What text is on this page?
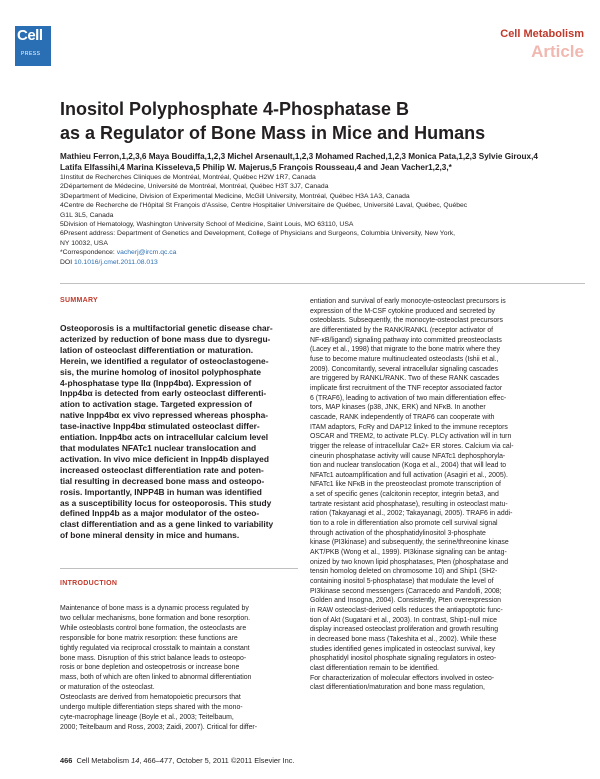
Cell
PRESS
Cell Metabolism
Article
Inositol Polyphosphate 4-Phosphatase B
as a Regulator of Bone Mass in Mice and Humans
Mathieu Ferron,1,2,3,6 Maya Boudiffa,1,2,3 Michel Arsenault,1,2,3 Mohamed Rached,1,2,3 Monica Pata,1,2,3 Sylvie Giroux,4
Latifa Elfassihi,4 Marina Kisseleva,5 Philip W. Majerus,5 François Rousseau,4 and Jean Vacher1,2,3,*
1Institut de Recherches Cliniques de Montréal, Montréal, Québec H2W 1R7, Canada
2Département de Médecine, Université de Montréal, Montréal, Québec H3T 3J7, Canada
3Department of Medicine, Division of Experimental Medicine, McGill University, Montréal, Québec H3A 1A3, Canada
4Centre de Recherche de l'Hôpital St François d'Assise, Centre Hospitalier Universitaire de Québec, Université Laval, Québec, Québec
G1L 3L5, Canada
5Division of Hematology, Washington University School of Medicine, Saint Louis, MO 63110, USA
6Present address: Department of Genetics and Development, College of Physicians and Surgeons, Columbia University, New York,
NY 10032, USA
*Correspondence: vacherj@ircm.qc.ca
DOI 10.1016/j.cmet.2011.08.013
SUMMARY
Osteoporosis is a multifactorial genetic disease char-
acterized by reduction of bone mass due to dysregu-
lation of osteoclast differentiation or maturation.
Herein, we identified a regulator of osteoclastogene-
sis, the murine homolog of inositol polyphosphate
4-phosphatase type IIα (Inpp4bα). Expression of
Inpp4bα is detected from early osteoclast differenti-
ation to activation stage. Targeted expression of
native Inpp4bα ex vivo repressed whereas phospha-
tase-inactive Inpp4bα stimulated osteoclast differ-
entiation. Inpp4bα acts on intracellular calcium level
that modulates NFATc1 nuclear translocation and
activation. In vivo mice deficient in Inpp4b displayed
increased osteoclast differentiation rate and poten-
tial resulting in decreased bone mass and osteopo-
rosis. Importantly, INPP4B in human was identified
as a susceptibility locus for osteoporosis. This study
defined Inpp4b as a major modulator of the osteo-
clast differentiation and as a gene linked to variability
of bone mineral density in mice and humans.
INTRODUCTION
Maintenance of bone mass is a dynamic process regulated by
two cellular mechanisms, bone formation and bone resorption.
While osteoblasts control bone formation, the osteoclasts are
responsible for bone matrix resorption: these functions are
tightly regulated via reciprocal crosstalk to maintain a constant
bone mass. Disruption of this strict balance leads to osteopo-
rosis or bone depletion and osteopetrosis or increase bone
mass, both of which are often linked to abnormal differentiation
or maturation of the osteoclast.
Osteoclasts are derived from hematopoietic precursors that
undergo multiple differentiation steps shared with the mono-
cyte-macrophage lineage (Boyle et al., 2003; Teitelbaum,
2000; Teitelbaum and Ross, 2003; Zaidi, 2007). Critical for differ-
entiation and survival of early monocyte-osteoclast precursors is
expression of the M-CSF cytokine produced and secreted by
osteoblasts. Subsequently, the monocyte-osteoclast precursors
are differentiated by the RANK/RANKL (receptor activator of
NF-κB/ligand) signaling pathway into committed preosteoclasts
(Lacey et al., 1998) that migrate to the bone matrix where they
fuse to become mature multinucleated osteoclasts (Ishii et al.,
2009). Concomitantly, several intracellular signaling cascades
are triggered by RANKL/RANK. Two of these RANK cascades
implicate first recruitment of the TNF receptor associated factor
6 (TRAF6), leading to activation of two main differentiation effec-
tors, MAP kinases (p38, JNK, ERK) and NFκB. In another
cascade, RANK independently of TRAF6 can cooperate with
ITAM adaptors, FcRγ and DAP12 linked to the immune receptors
OSCAR and TREM2, to activate PLCγ. PLCγ activation will in turn
trigger the release of intracellular Ca2+ ER stores. Calcium via cal-
cineurin phosphatase activity will cause NFATc1 dephosphoryla-
tion and nuclear translocation (Koga et al., 2004) that will lead to
NFATc1 autoamplification and full activation (Asagiri et al., 2005).
NFATc1 like NFκB in the preosteoclast promote transcription of
a set of specific genes (calcitonin receptor, integrin beta3, and
tartrate resistant acid phosphatase), resulting in osteoclast matu-
ration (Takayanagi et al., 2002; Takayanagi, 2005). TRAF6 in addi-
tion to a role in differentiation also promote cell survival signal
through activation of the phosphatidylinositol 3-phosphate
kinase (PI3kinase) and subsequently, the serine/threonine kinase
AKT/PKB (Wong et al., 1999). PI3kinase signaling can be antag-
onized by two known lipid phosphatases, Pten (phosphatase and
tensin homolog deleted on chromosome 10) and Ship1 (SH2-
containing inositol 5-phosphatase) that modulate the level of
PI3kinase second messengers (Carracedo and Pandolfi, 2008;
Golden and Insogna, 2004). Consistently, Pten overexpression
in RAW osteoclast-derived cells reduces the antiapoptotic func-
tion of Akt (Sugatani et al., 2003). In contrast, Ship1-null mice
display increased osteoclast proliferation and growth resulting
in decreased bone mass (Takeshita et al., 2002). While these
studies identified genes implicated in osteoclast survival, key
phosphatidyl inositol phosphate signaling regulators in osteo-
clast differentiation remain to be identified.
For characterization of molecular effectors involved in osteo-
clast differentiation/maturation and bone mass regulation,
466 Cell Metabolism 14, 466–477, October 5, 2011 ©2011 Elsevier Inc.
